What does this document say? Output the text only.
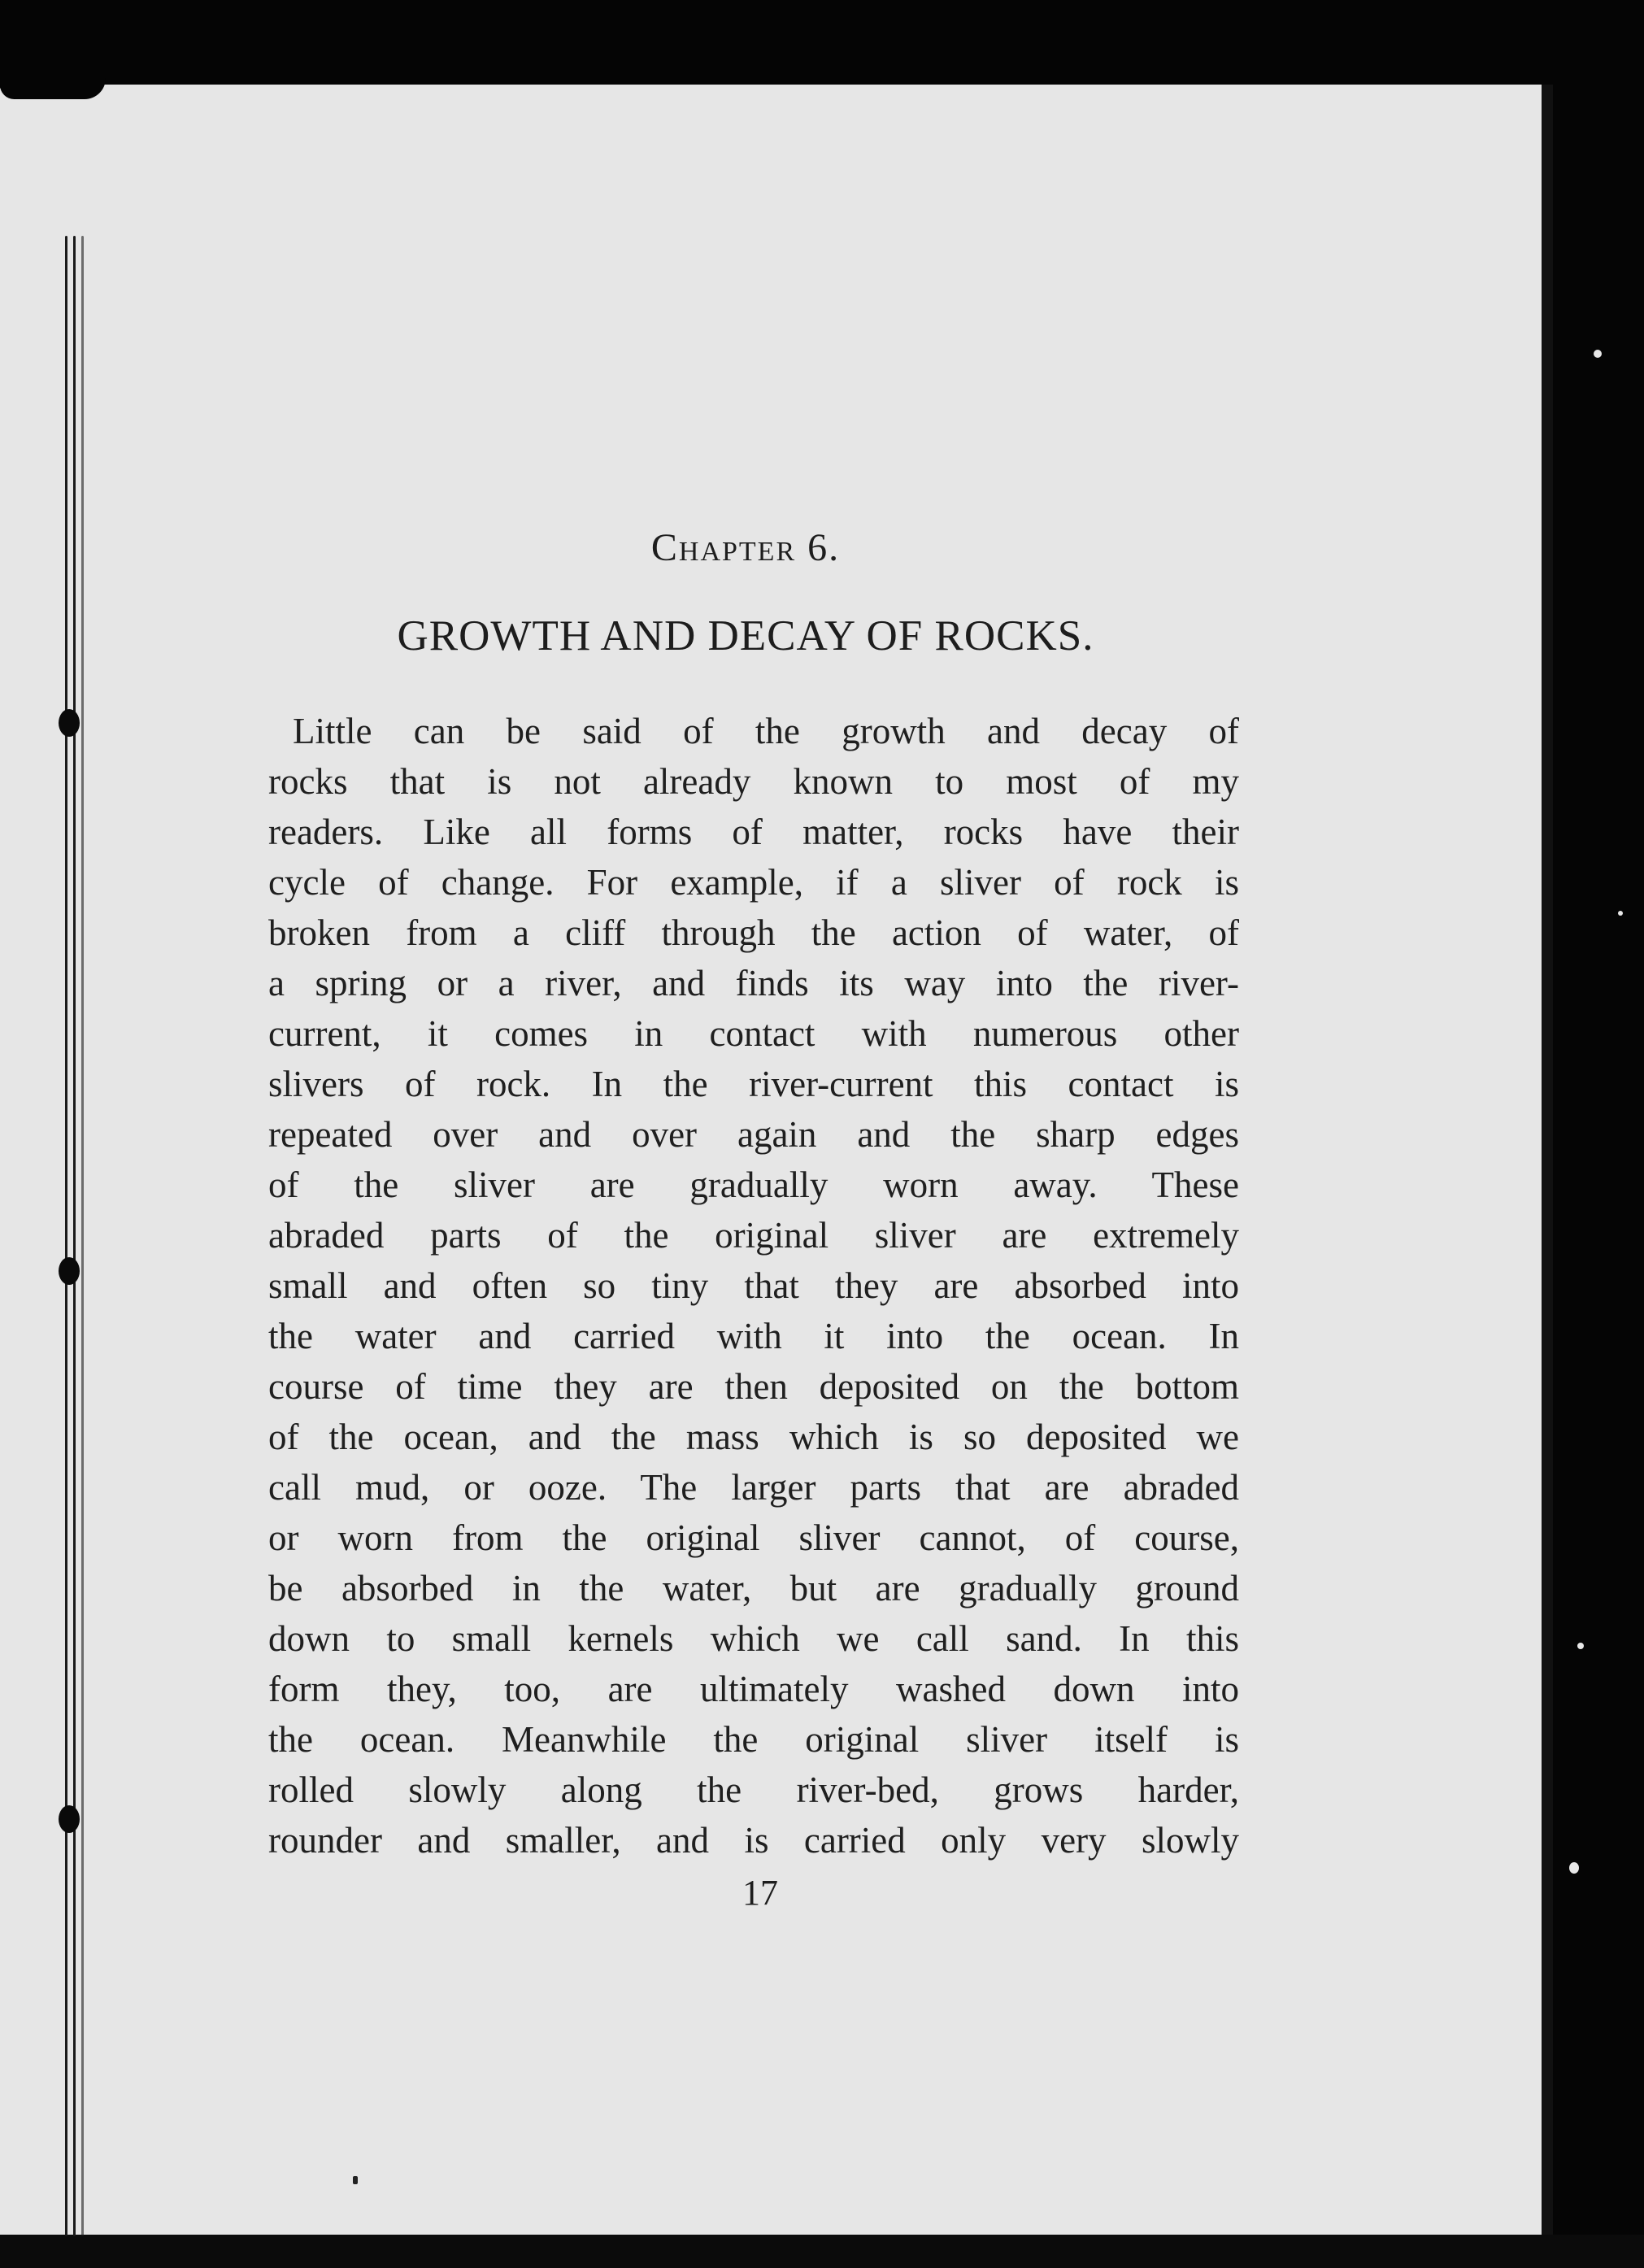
Chapter 6.
GROWTH AND DECAY OF ROCKS.
Little can be said of the growth and decay of
rocks that is not already known to most of my
readers. Like all forms of matter, rocks have their
cycle of change. For example, if a sliver of rock is
broken from a cliff through the action of water, of
a spring or a river, and finds its way into the river-
current, it comes in contact with numerous other
slivers of rock. In the river-current this contact is
repeated over and over again and the sharp edges
of the sliver are gradually worn away. These
abraded parts of the original sliver are extremely
small and often so tiny that they are absorbed into
the water and carried with it into the ocean. In
course of time they are then deposited on the bottom
of the ocean, and the mass which is so deposited we
call mud, or ooze. The larger parts that are abraded
or worn from the original sliver cannot, of course,
be absorbed in the water, but are gradually ground
down to small kernels which we call sand. In this
form they, too, are ultimately washed down into
the ocean. Meanwhile the original sliver itself is
rolled slowly along the river-bed, grows harder,
rounder and smaller, and is carried only very slowly
17
